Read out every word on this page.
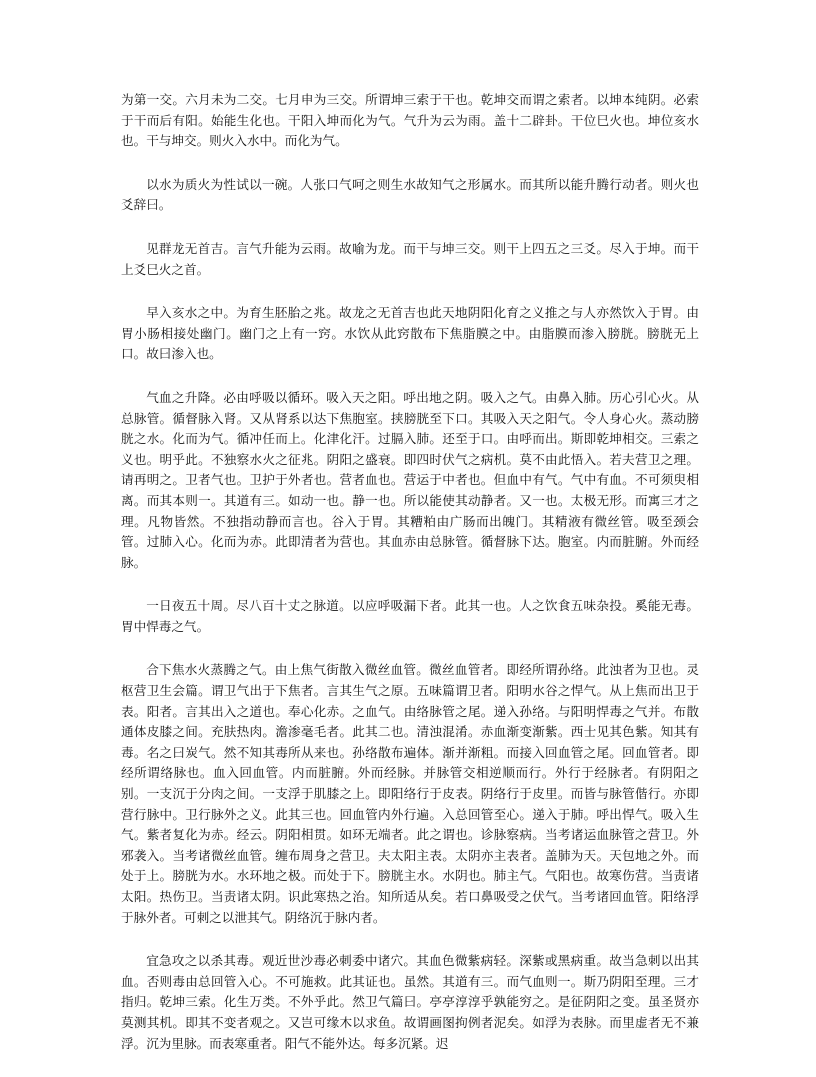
为第一交。六月未为二交。七月申为三交。所谓坤三索于干也。乾坤交而谓之索者。以坤本纯阴。必索于干而后有阳。始能生化也。干阳入坤而化为气。气升为云为雨。盖十二辟卦。干位巳火也。坤位亥水也。干与坤交。则火入水中。而化为气。

以水为质火为性试以一碗。人张口气呵之则生水故知气之形属水。而其所以能升腾行动者。则火也爻辞曰。

见群龙无首吉。言气升能为云雨。故喻为龙。而干与坤三交。则干上四五之三爻。尽入于坤。而干上爻巳火之首。

早入亥水之中。为育生胚胎之兆。故龙之无首吉也此天地阴阳化育之义推之与人亦然饮入于胃。由胃小肠相接处幽门。幽门之上有一窍。水饮从此窍散布下焦脂膜之中。由脂膜而渗入膀胱。膀胱无上口。故曰渗入也。

气血之升降。必由呼吸以循环。吸入天之阳。呼出地之阴。吸入之气。由鼻入肺。历心引心火。从总脉管。循督脉入肾。又从肾系以达下焦胞室。挟膀胱至下口。其吸入天之阳气。令人身心火。蒸动膀胱之水。化而为气。循冲任而上。化津化汗。过膈入肺。还至于口。由呼而出。斯即乾坤相交。三索之义也。明乎此。不独察水火之征兆。阴阳之盛衰。即四时伏气之病机。莫不由此悟入。若夫营卫之理。请再明之。卫者气也。卫护于外者也。营者血也。营运于中者也。但血中有气。气中有血。不可须臾相离。而其本则一。其道有三。如动一也。静一也。所以能使其动静者。又一也。太极无形。而寓三才之理。凡物皆然。不独指动静而言也。谷入于胃。其糟粕由广肠而出魄门。其精液有微丝管。吸至颈会管。过肺入心。化而为赤。此即清者为营也。其血赤由总脉管。循督脉下达。胞室。内而脏腑。外而经脉。

一日夜五十周。尽八百十丈之脉道。以应呼吸漏下者。此其一也。人之饮食五味杂投。奚能无毒。胃中悍毒之气。

合下焦水火蒸腾之气。由上焦气街散入微丝血管。微丝血管者。即经所谓孙络。此浊者为卫也。灵枢营卫生会篇。谓卫气出于下焦者。言其生气之原。五味篇谓卫者。阳明水谷之悍气。从上焦而出卫于表。阳者。言其出入之道也。奉心化赤。之血气。由络脉管之尾。递入孙络。与阳明悍毒之气并。布散通体皮膝之间。充肤热肉。澹渗毫毛者。此其二也。清浊混淆。赤血渐变渐紫。西士见其色紫。知其有毒。名之曰炭气。然不知其毒所从来也。孙络散布遍体。渐并渐粗。而接入回血管之尾。回血管者。即经所谓络脉也。血入回血管。内而脏腑。外而经脉。并脉管交相逆顺而行。外行于经脉者。有阴阳之别。一支沉于分肉之间。一支浮于肌膝之上。即阳络行于皮表。阴络行于皮里。而皆与脉管偕行。亦即营行脉中。卫行脉外之义。此其三也。回血管内外行遍。入总回管至心。递入于肺。呼出悍气。吸入生气。紫者复化为赤。经云。阴阳相贯。如环无端者。此之谓也。诊脉察病。当考诸运血脉管之营卫。外邪袭入。当考诸微丝血管。缠布周身之营卫。夫太阳主表。太阴亦主表者。盖肺为天。天包地之外。而处于上。膀胱为水。水环地之极。而处于下。膀胱主水。水阴也。肺主气。气阳也。故寒伤营。当责诸太阳。热伤卫。当责诸太阴。识此寒热之治。知所适从矣。若口鼻吸受之伏气。当考诸回血管。阳络浮于脉外者。可刺之以泄其气。阴络沉于脉内者。

宜急攻之以杀其毒。观近世沙毒必刺委中诸穴。其血色微紫病轻。深紫或黑病重。故当急刺以出其血。否则毒由总回管入心。不可施救。此其证也。虽然。其道有三。而气血则一。斯乃阴阳至理。三才指归。乾坤三索。化生万类。不外乎此。然卫气篇曰。亭亭淳淳乎孰能穷之。是征阴阳之变。虽圣贤亦莫测其机。即其不变者观之。又岂可缘木以求鱼。故谓画图拘例者泥矣。如浮为表脉。而里虚者无不兼浮。沉为里脉。而表寒重者。阳气不能外达。每多沉紧。迟
